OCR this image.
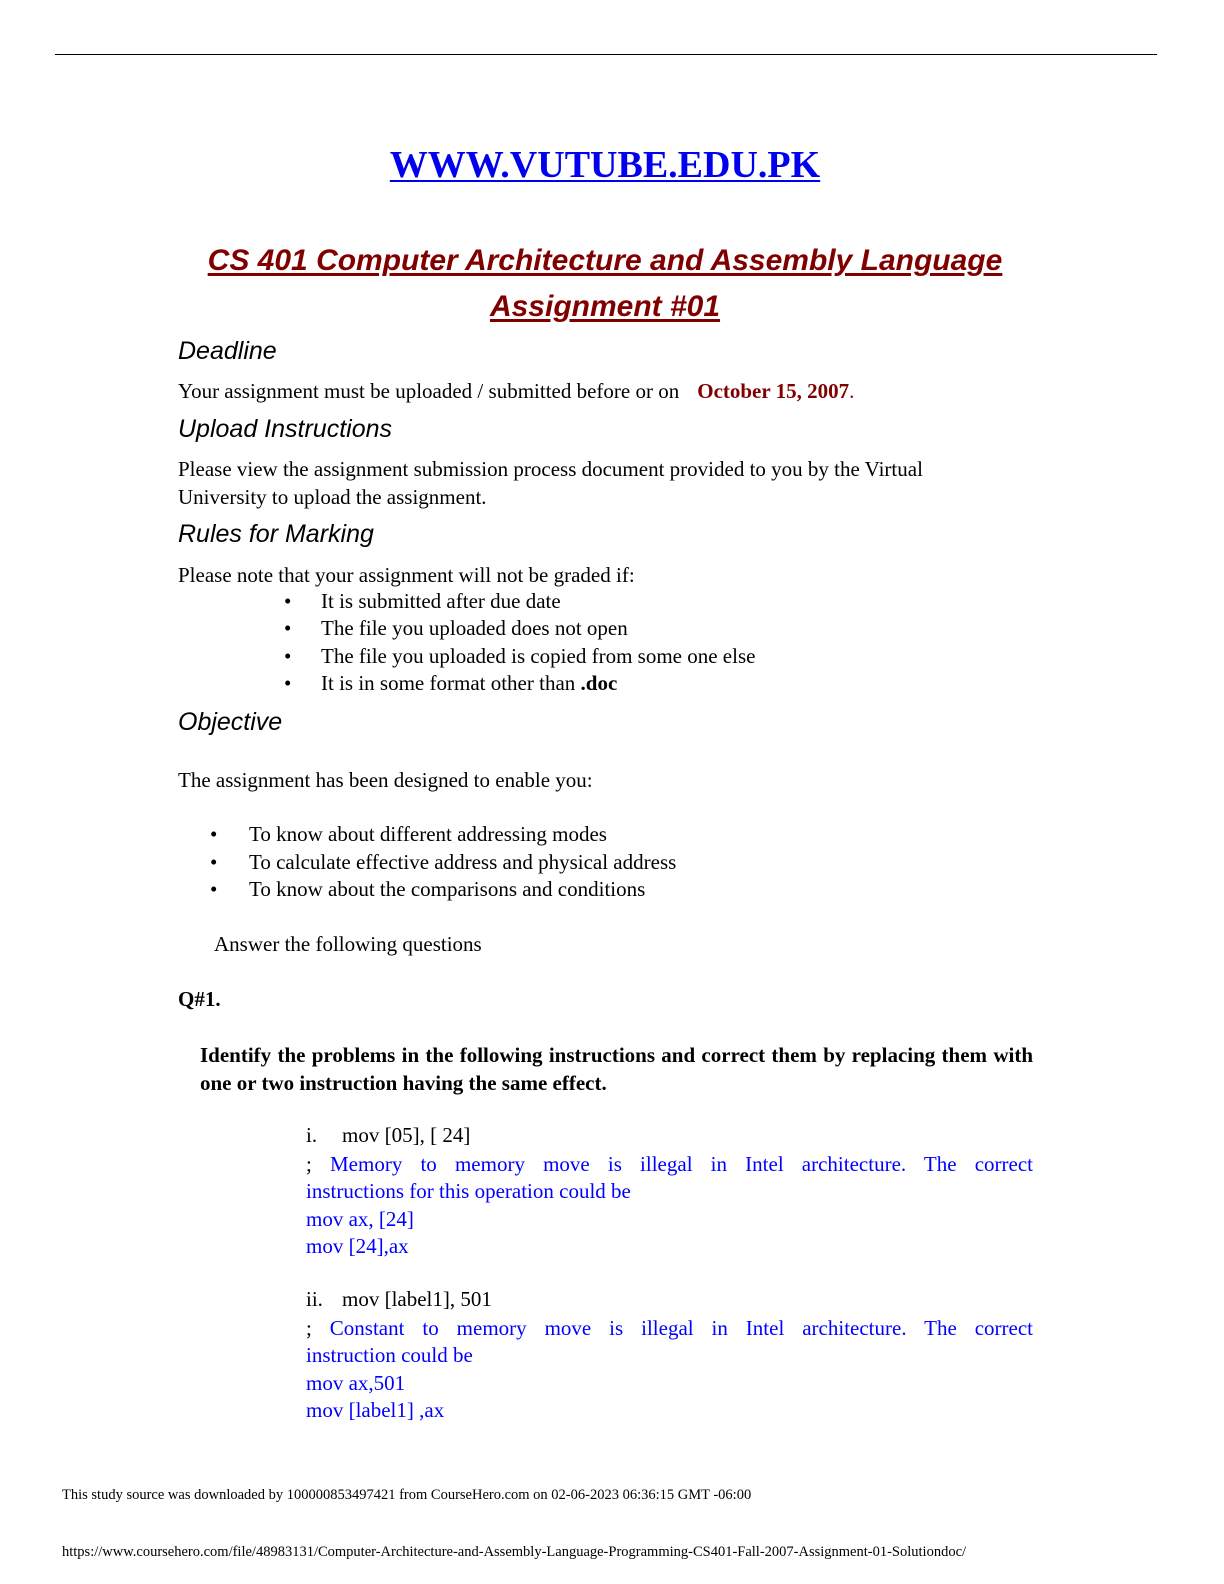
WWW.VUTUBE.EDU.PK
CS 401 Computer Architecture and Assembly Language
Assignment #01
Deadline
Your assignment must be uploaded / submitted before or on October 15, 2007.
Upload Instructions
Please view the assignment submission process document provided to you by the Virtual
University to upload the assignment.
Rules for Marking
Please note that your assignment will not be graded if:
• It is submitted after due date
• The file you uploaded does not open
• The file you uploaded is copied from some one else
• It is in some format other than .doc
Objective
The assignment has been designed to enable you:
• To know about different addressing modes
• To calculate effective address and physical address
• To know about the comparisons and conditions
Answer the following questions
Q#1.
Identify the problems in the following instructions and correct them by replacing them with one or two instruction having the same effect.
i. mov [05], [ 24]
; Memory to memory move is illegal in Intel architecture. The correct
instructions for this operation could be
mov ax, [24]
mov [24],ax
ii. mov [label1], 501
; Constant to memory move is illegal in Intel architecture. The correct
instruction could be
mov ax,501
mov [label1] ,ax
This study source was downloaded by 100000853497421 from CourseHero.com on 02-06-2023 06:36:15 GMT -06:00
https://www.coursehero.com/file/48983131/Computer-Architecture-and-Assembly-Language-Programming-CS401-Fall-2007-Assignment-01-Solutiondoc/
